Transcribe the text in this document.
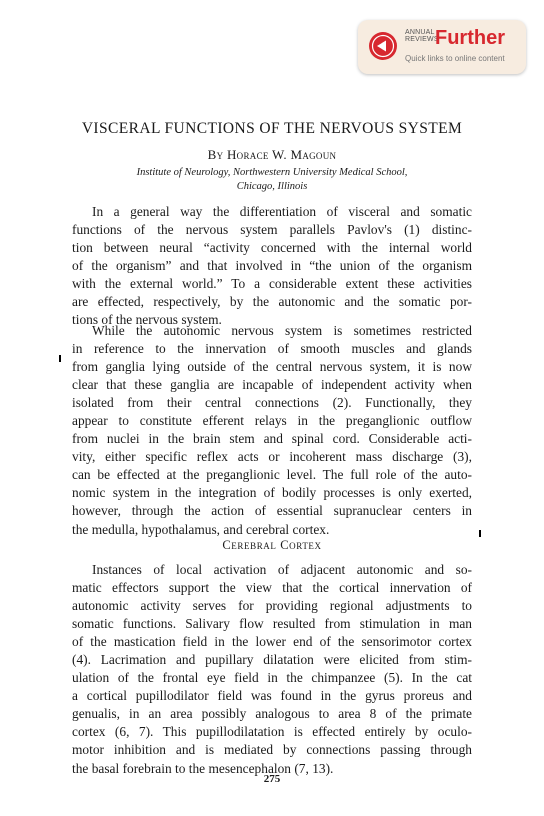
ANNUAL
REVIEWS
Further
Quick links to online content
VISCERAL FUNCTIONS OF THE NERVOUS SYSTEM
By Horace W. Magoun
Institute of Neurology, Northwestern University Medical School,
Chicago, Illinois

In a general way the differentiation of visceral and somatic
functions of the nervous system parallels Pavlov's (1) distinc-
tion between neural “activity concerned with the internal world
of the organism” and that involved in “the union of the organism
with the external world.” To a considerable extent these activities
are effected, respectively, by the autonomic and the somatic por-
tions of the nervous system.

While the autonomic nervous system is sometimes restricted
in reference to the innervation of smooth muscles and glands
from ganglia lying outside of the central nervous system, it is now
clear that these ganglia are incapable of independent activity when
isolated from their central connections (2). Functionally, they
appear to constitute efferent relays in the preganglionic outflow
from nuclei in the brain stem and spinal cord. Considerable acti-
vity, either specific reflex acts or incoherent mass discharge (3),
can be effected at the preganglionic level. The full role of the auto-
nomic system in the integration of bodily processes is only exerted,
however, through the action of essential supranuclear centers in
the medulla, hypothalamus, and cerebral cortex.

Cerebral Cortex

Instances of local activation of adjacent autonomic and so-
matic effectors support the view that the cortical innervation of
autonomic activity serves for providing regional adjustments to
somatic functions. Salivary flow resulted from stimulation in man
of the mastication field in the lower end of the sensorimotor cortex
(4). Lacrimation and pupillary dilatation were elicited from stim-
ulation of the frontal eye field in the chimpanzee (5). In the cat
a cortical pupillodilator field was found in the gyrus proreus and
genualis, in an area possibly analogous to area 8 of the primate
cortex (6, 7). This pupillodilatation is effected entirely by oculo-
motor inhibition and is mediated by connections passing through
the basal forebrain to the mesencephalon (7, 13).

275
